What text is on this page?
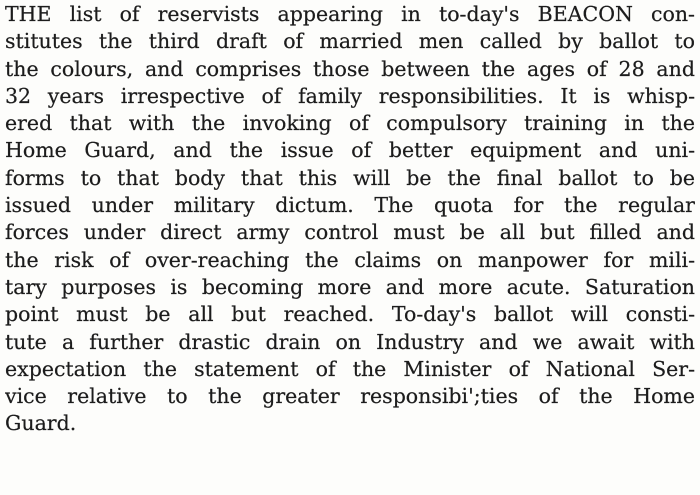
THE list of reservists appearing in to-day's BEACON con-
stitutes the third draft of married men called by ballot to
the colours, and comprises those between the ages of 28 and
32 years irrespective of family responsibilities. It is whisp-
ered that with the invoking of compulsory training in the
Home Guard, and the issue of better equipment and uni-
forms to that body that this will be the final ballot to be
issued under military dictum. The quota for the regular
forces under direct army control must be all but filled and
the risk of over-reaching the claims on manpower for mili-
tary purposes is becoming more and more acute. Saturation
point must be all but reached. To-day's ballot will consti-
tute a further drastic drain on Industry and we await with
expectation the statement of the Minister of National Ser-
vice relative to the greater responsibi';ties of the Home
Guard.
